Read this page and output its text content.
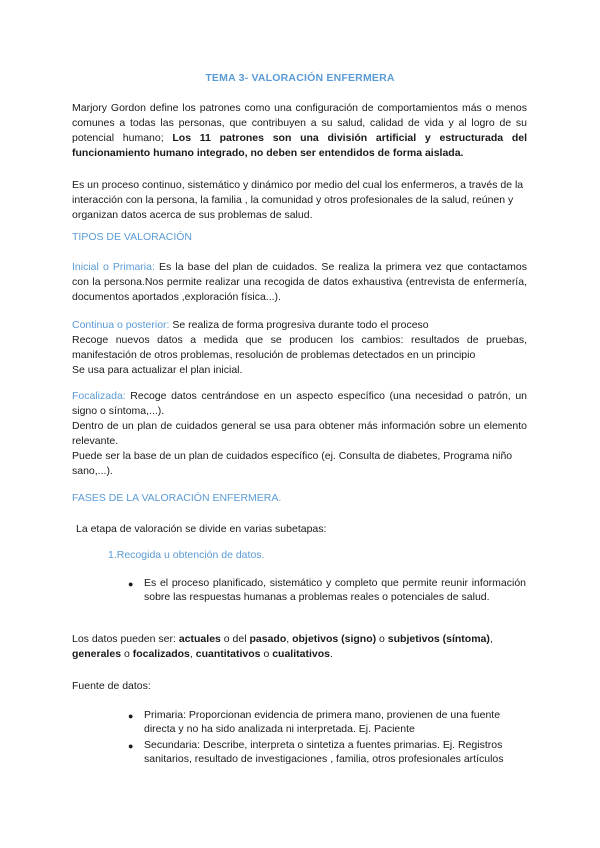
TEMA 3- VALORACIÓN ENFERMERA
Marjory Gordon define los patrones como una configuración de comportamientos más o menos comunes a todas las personas, que contribuyen a su salud, calidad de vida y al logro de su potencial humano; Los 11 patrones son una división artificial y estructurada del funcionamiento humano integrado, no deben ser entendidos de forma aislada.
Es un proceso continuo, sistemático y dinámico por medio del cual los enfermeros, a través de la interacción con la persona, la familia , la comunidad y otros profesionales de la salud, reúnen y organizan datos acerca de sus problemas de salud.
TIPOS DE VALORACIÓN
Inicial o Primaria: Es la base del plan de cuidados. Se realiza la primera vez que contactamos con la persona.Nos permite realizar una recogida de datos exhaustiva (entrevista de enfermería, documentos aportados ,exploración física...).
Continua o posterior: Se realiza de forma progresiva durante todo el proceso
Recoge nuevos datos a medida que se producen los cambios: resultados de pruebas, manifestación de otros problemas, resolución de problemas detectados en un principio
Se usa para actualizar el plan inicial.
Focalizada: Recoge datos centrándose en un aspecto específico (una necesidad o patrón, un signo o síntoma,...).
Dentro de un plan de cuidados general se usa para obtener más información sobre un elemento relevante.
Puede ser la base de un plan de cuidados específico (ej. Consulta de diabetes, Programa niño sano,...).
FASES DE LA VALORACIÓN ENFERMERA.
La etapa de valoración se divide en varias subetapas:
1.Recogida u obtención de datos.
● Es el proceso planificado, sistemático y completo que permite reunir información sobre las respuestas humanas a problemas reales o potenciales de salud.
Los datos pueden ser: actuales o del pasado, objetivos (signo) o subjetivos (síntoma), generales o focalizados, cuantitativos o cualitativos.
Fuente de datos:
● Primaria: Proporcionan evidencia de primera mano, provienen de una fuente directa y no ha sido analizada ni interpretada. Ej. Paciente
● Secundaria: Describe, interpreta o sintetiza a fuentes primarias. Ej. Registros sanitarios, resultado de investigaciones , familia, otros profesionales artículos
